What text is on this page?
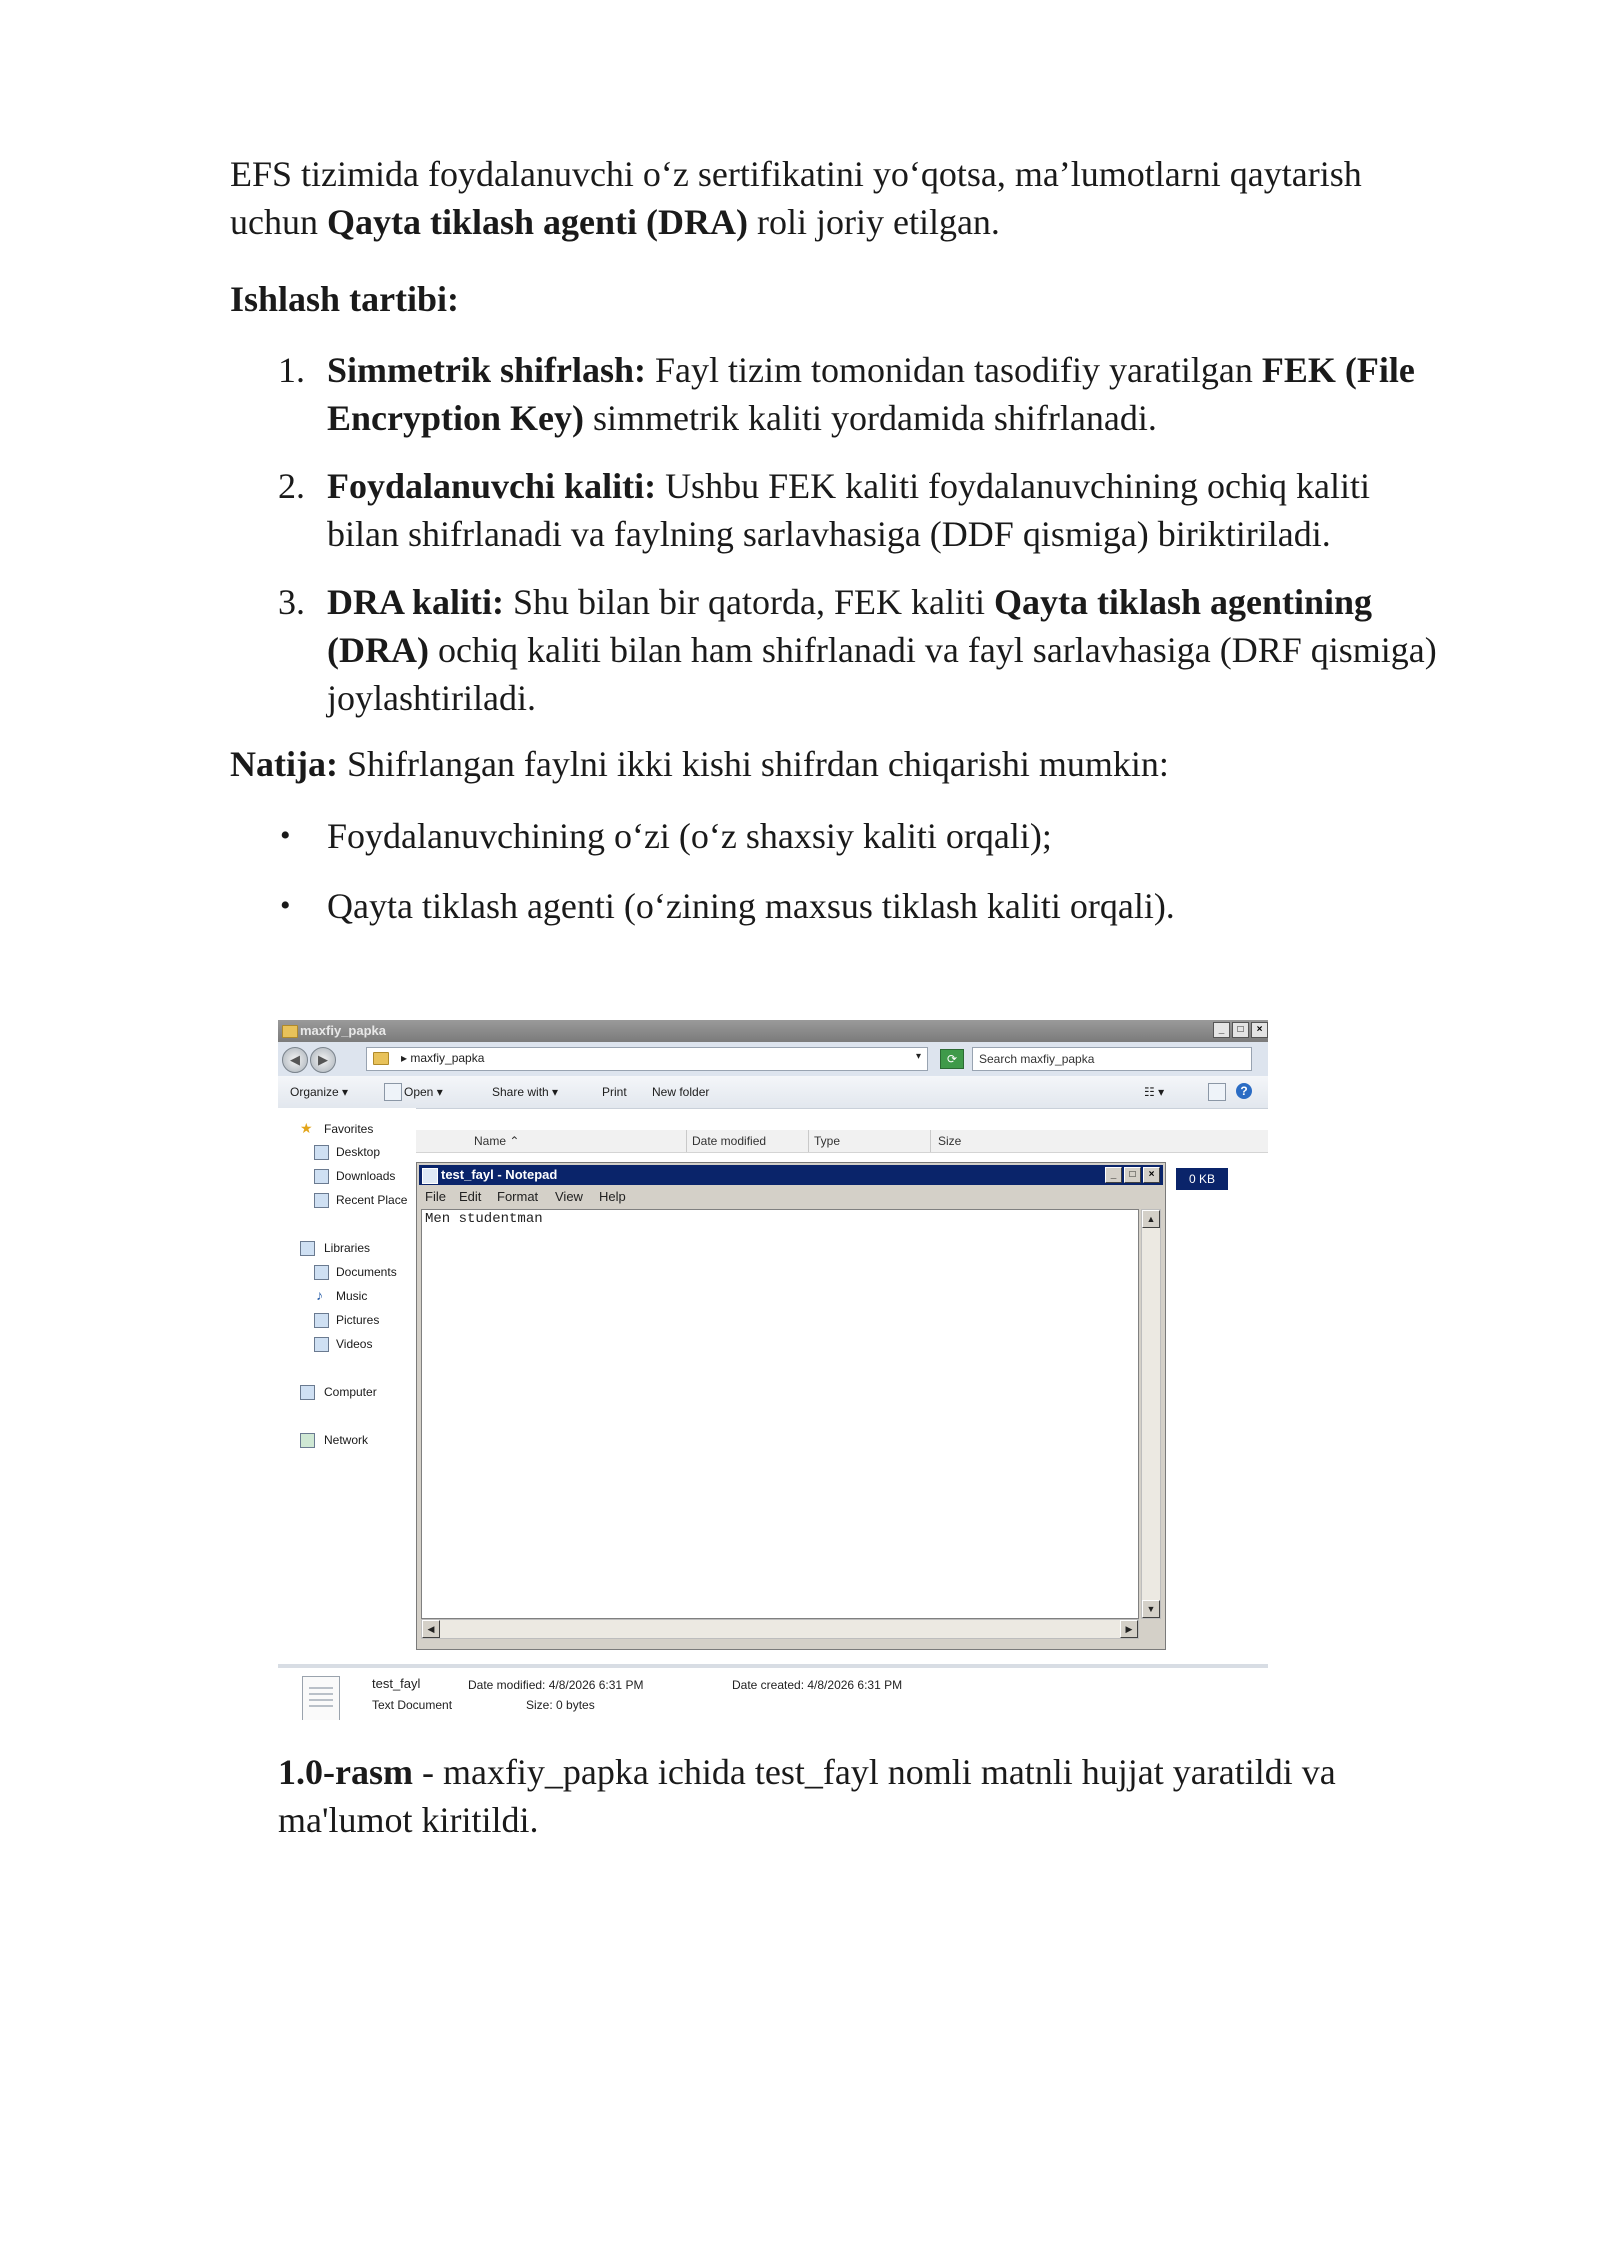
EFS tizimida foydalanuvchi o‘z sertifikatini yo‘qotsa, ma’lumotlarni qaytarish
uchun Qayta tiklash agenti (DRA) roli joriy etilgan.
Ishlash tartibi:
1. Simmetrik shifrlash: Fayl tizim tomonidan tasodifiy yaratilgan FEK (File
Encryption Key) simmetrik kaliti yordamida shifrlanadi.
2. Foydalanuvchi kaliti: Ushbu FEK kaliti foydalanuvchining ochiq kaliti
bilan shifrlanadi va faylning sarlavhasiga (DDF qismiga) biriktiriladi.
3. DRA kaliti: Shu bilan bir qatorda, FEK kaliti Qayta tiklash agentining
(DRA) ochiq kaliti bilan ham shifrlanadi va fayl sarlavhasiga (DRF qismiga)
joylashtiriladi.
Natija: Shifrlangan faylni ikki kishi shifrdan chiqarishi mumkin:
• Foydalanuvchining o‘zi (o‘z shaxsiy kaliti orqali);
• Qayta tiklash agenti (o‘zining maxsus tiklash kaliti orqali).
1.0-rasm - maxfiy_papka ichida test_fayl nomli matnli hujjat yaratildi va
ma'lumot kiritildi.
maxfiy_papka	_	□	×
◀	▶	▸ maxfiy_papka	▾	⟳	Search maxfiy_papka
Organize ▾	Open ▾	Share with ▾	Print New folder	☷ ▾	?
★ Favorites
Desktop
Downloads
Recent Place
Libraries
Documents
♪ Music
Pictures
Videos
Computer
Network
Name ⌃	Date modified	Type	Size
0 KB
test_fayl - Notepad	_	□	×
File Edit Format View Help
Men studentman	▲
▼
◀	▶
test_fayl
Text Document
Date modified: 4/8/2026 6:31 PM
Size: 0 bytes
Date created: 4/8/2026 6:31 PM
